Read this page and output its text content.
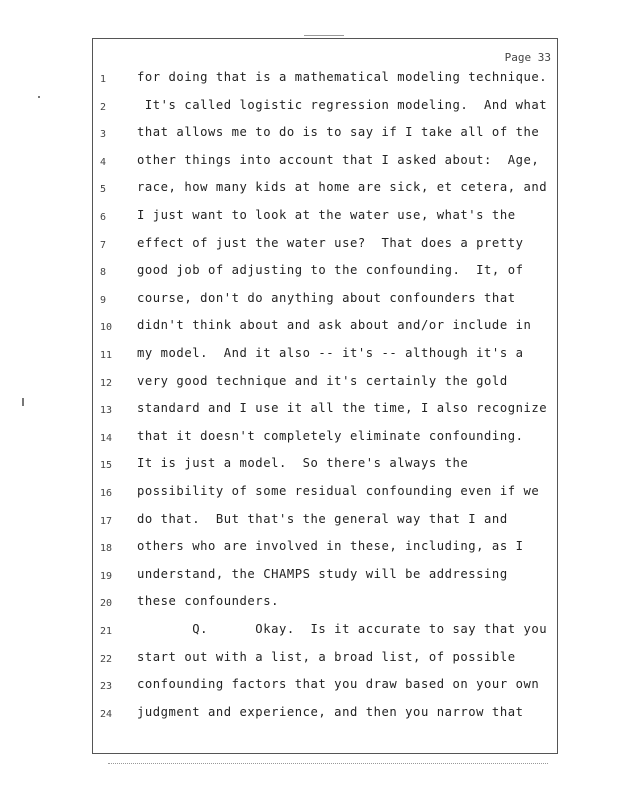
Page 33
1	for doing that is a mathematical modeling technique.
2	It's called logistic regression modeling.  And what
3	that allows me to do is to say if I take all of the
4	other things into account that I asked about:  Age,
5	race, how many kids at home are sick, et cetera, and
6	I just want to look at the water use, what's the
7	effect of just the water use?  That does a pretty
8	good job of adjusting to the confounding.  It, of
9	course, don't do anything about confounders that
10	didn't think about and ask about and/or include in
11	my model.  And it also -- it's -- although it's a
12	very good technique and it's certainly the gold
13	standard and I use it all the time, I also recognize
14	that it doesn't completely eliminate confounding.
15	It is just a model.  So there's always the
16	possibility of some residual confounding even if we
17	do that.  But that's the general way that I and
18	others who are involved in these, including, as I
19	understand, the CHAMPS study will be addressing
20	these confounders.
21	Q.      Okay.  Is it accurate to say that you
22	start out with a list, a broad list, of possible
23	confounding factors that you draw based on your own
24	judgment and experience, and then you narrow that
